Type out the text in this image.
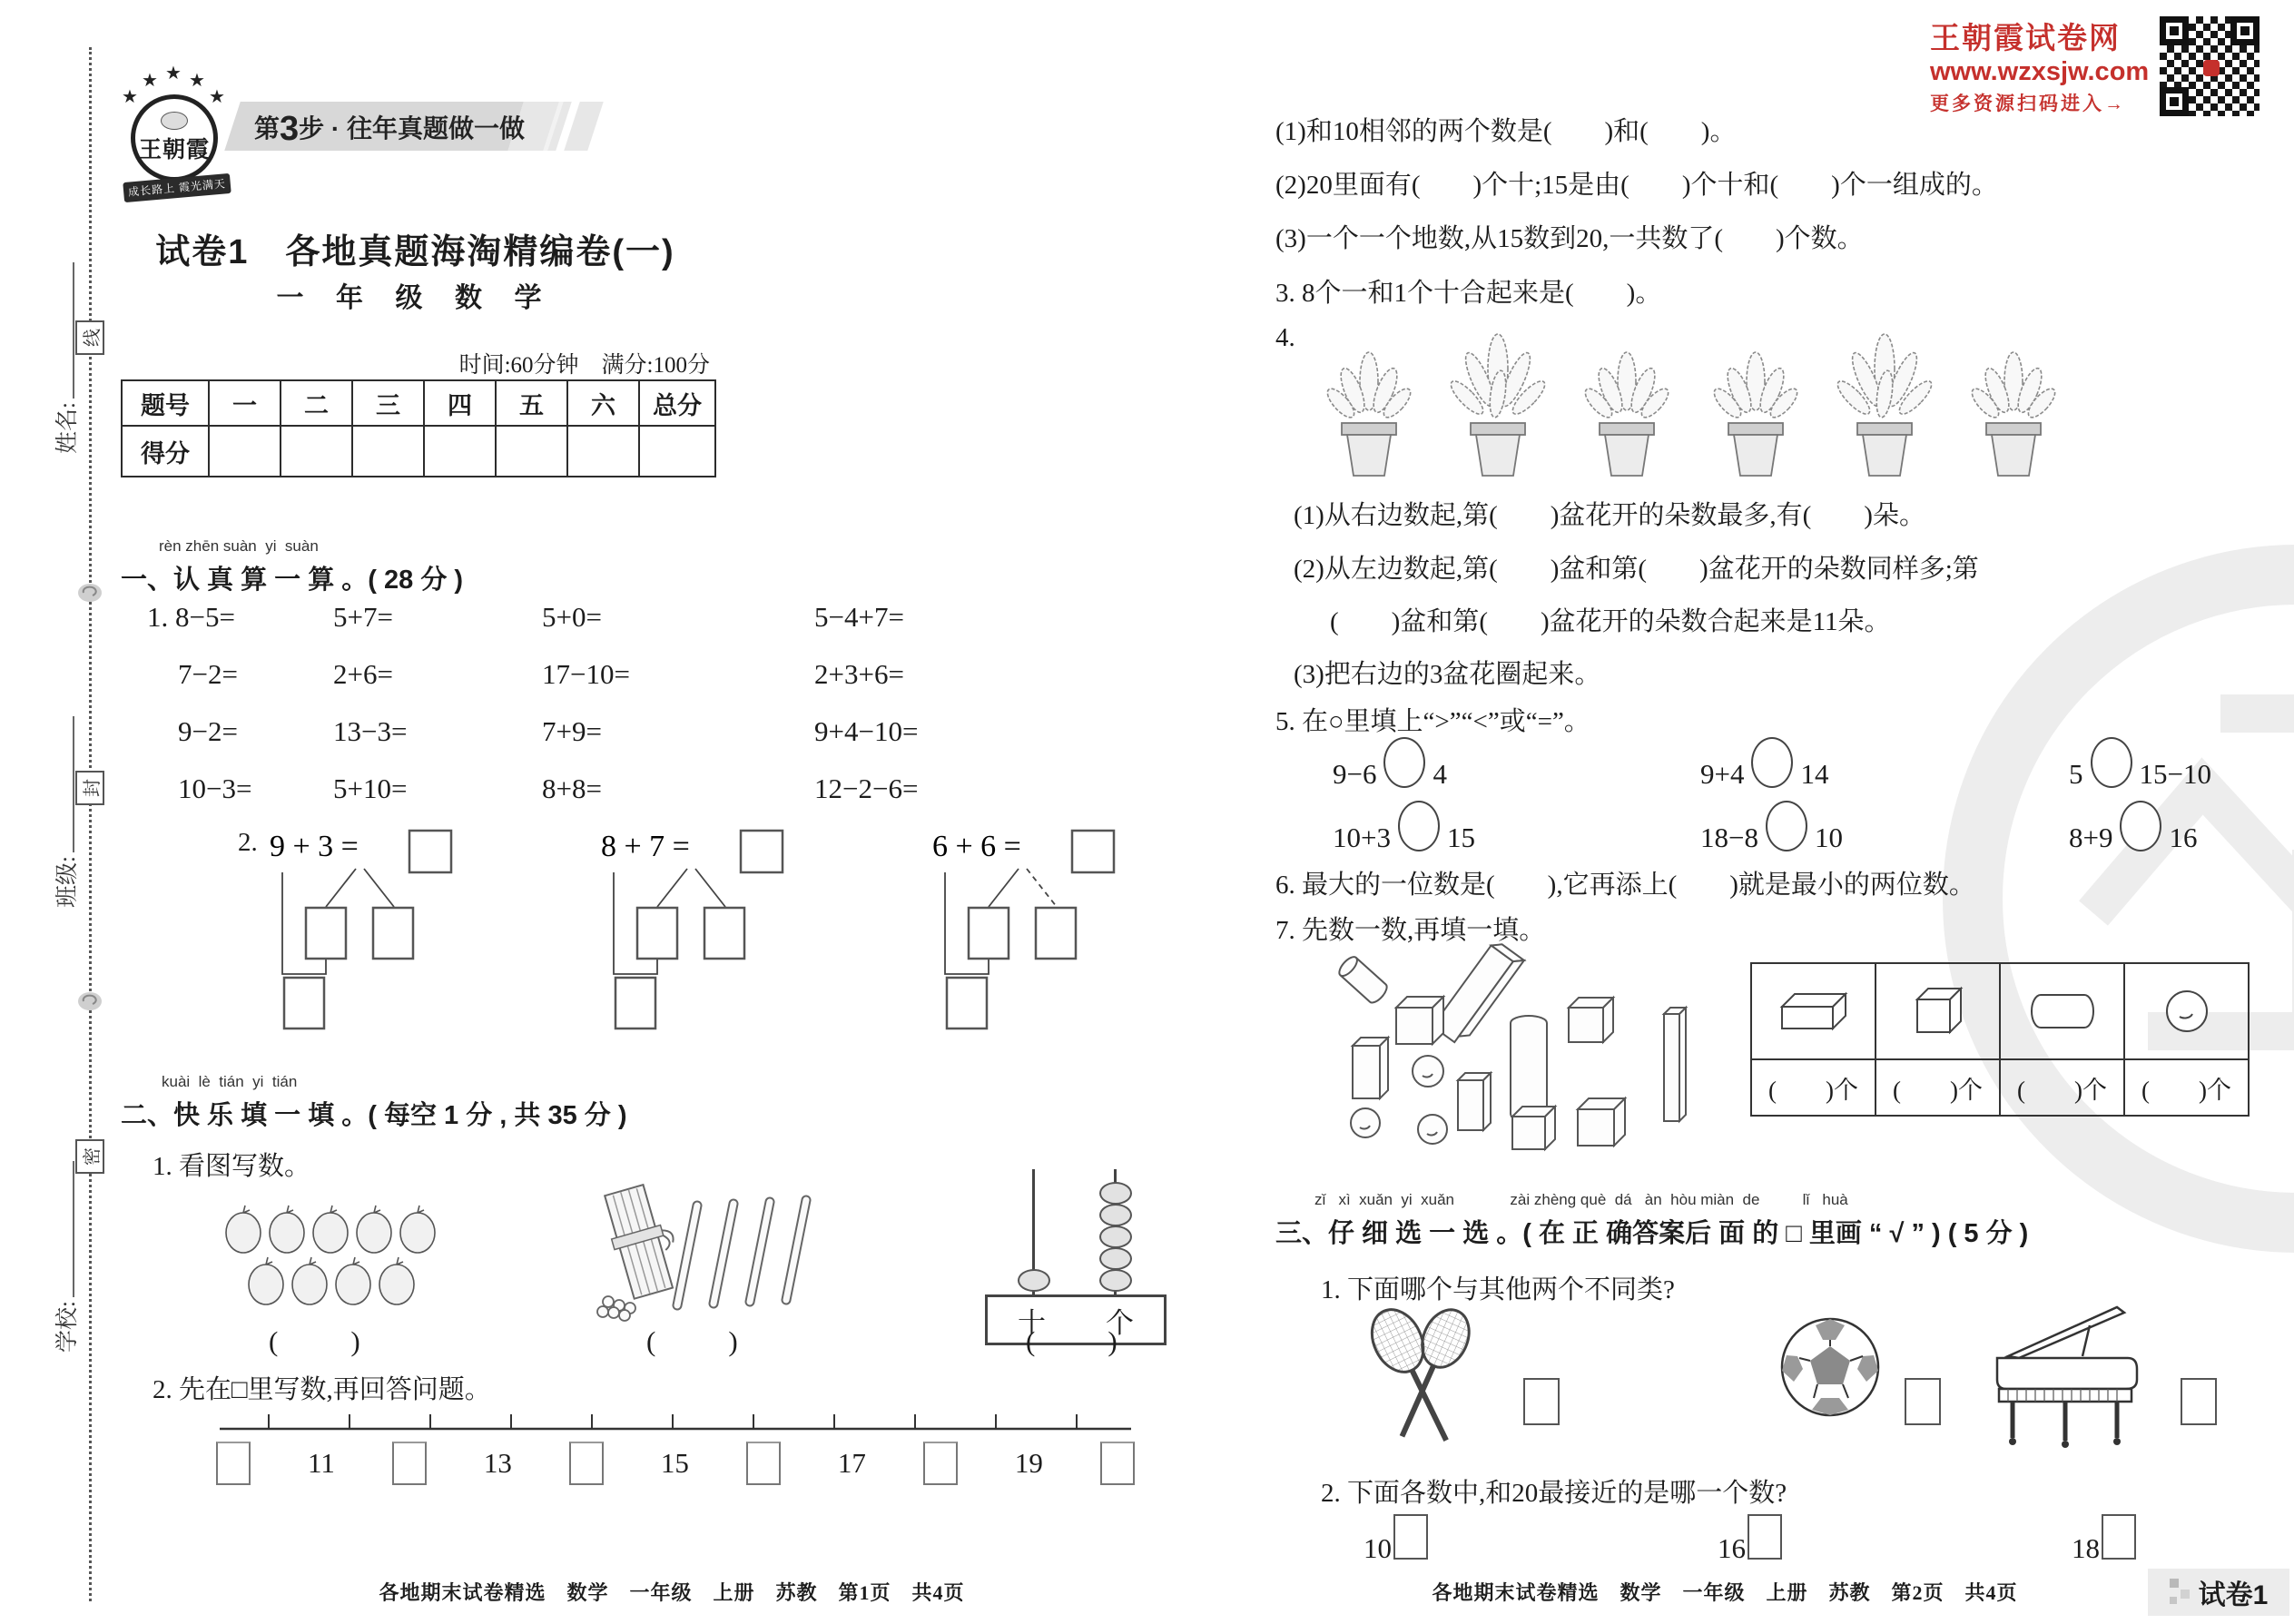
姓名:
班级:
学校:
线
封
密
★
★ ★ ★
★
王朝霞
成长路上 霞光满天
第3步 · 往年真题做一做
试卷1　各地真题海淘精编卷(一)
一 年 级 数 学
时间:60分钟　满分:100分
题号	一	二	三	四	五	六	总分
得分							
rèn zhēn suàn  yi  suàn
一、认 真 算 一 算 。( 28 分 )
1. 8−5=	5+7=	5+0=	5−4+7=
7−2=	2+6=	17−10=	2+3+6=
9−2=	13−3=	7+9=	9+4−10=
10−3=	5+10=	8+8=	12−2−6=
2. 9 + 3 =	8 + 7 =	6 + 6 =
kuài  lè  tián  yi  tián
二、快 乐 填 一 填 。( 每空 1 分 , 共 35 分 )
1. 看图写数。
十 个
(　　)	(　　)	(　　)
2. 先在□里写数,再回答问题。
11	13	15	17	19
各地期末试卷精选　数学　一年级　上册　苏教　第1页　共4页
王朝霞试卷网
www.wzxsjw.com
更多资源扫码进入→
(1)和10相邻的两个数是(　　)和(　　)。
(2)20里面有(　　)个十;15是由(　　)个十和(　　)个一组成的。
(3)一个一个地数,从15数到20,一共数了(　　)个数。
3. 8个一和1个十合起来是(　　)。
4.
(1)从右边数起,第(　　)盆花开的朵数最多,有(　　)朵。
(2)从左边数起,第(　　)盆和第(　　)盆花开的朵数同样多;第
(　　)盆和第(　　)盆花开的朵数合起来是11朵。
(3)把右边的3盆花圈起来。
5. 在○里填上“>”“<”或“=”。
9−6 4	9+4 14	5 15−10
10+3 15	18−8 10	8+9 16
6. 最大的一位数是(　　),它再添上(　　)就是最小的两位数。
7. 先数一数,再填一填。

(　　)个	(　　)个	(　　)个	(　　)个
zǐ   xì  xuǎn  yi  xuǎn             zài zhèng què  dá   àn  hòu miàn  de          lǐ   huà
三、仔 细 选 一 选 。( 在 正 确答案后 面 的 □ 里画 “ √ ” ) ( 5 分 )
1. 下面哪个与其他两个不同类?
2. 下面各数中,和20最接近的是哪一个数?
10	16	18
各地期末试卷精选　数学　一年级　上册　苏教　第2页　共4页	试卷1
